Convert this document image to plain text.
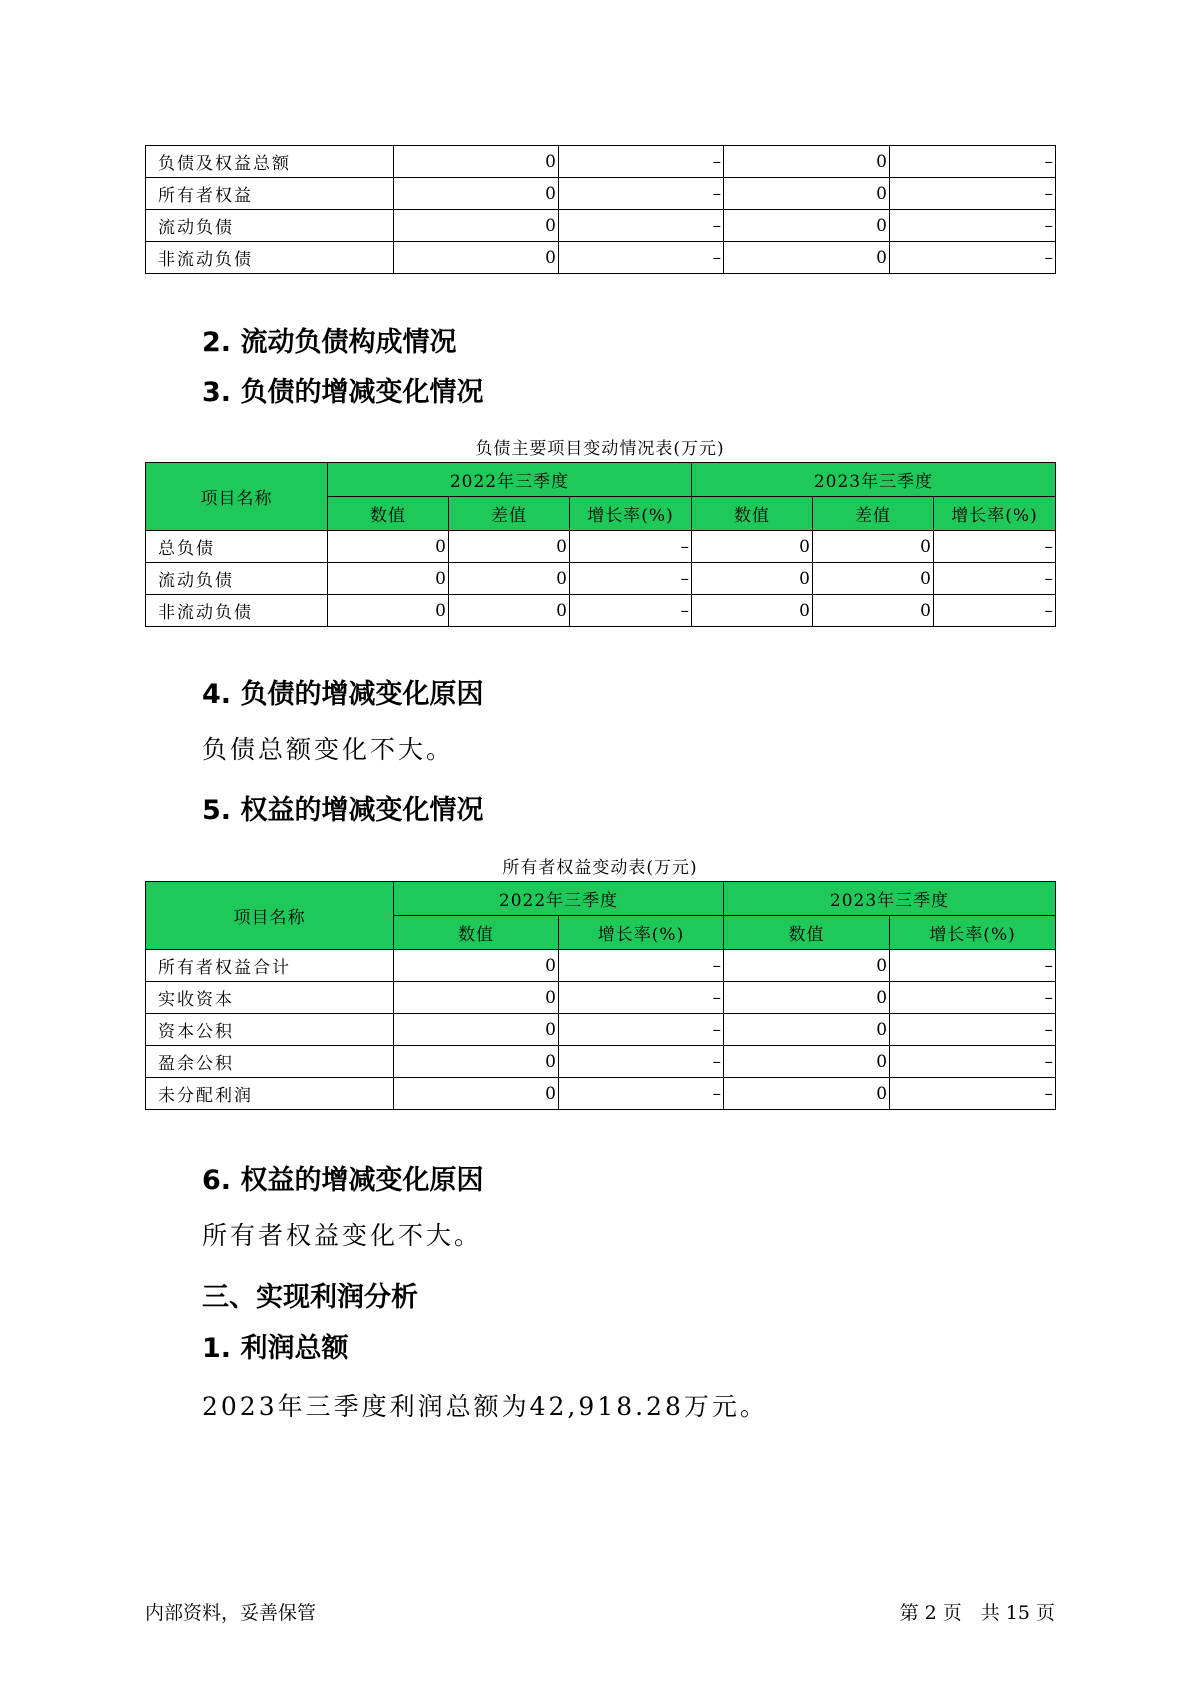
负债及权益总额	0	–	0	–
所有者权益	0	–	0	–
流动负债	0	–	0	–
非流动负债	0	–	0	–
2. 流动负债构成情况
3. 负债的增减变化情况
负债主要项目变动情况表(万元)
项目名称	2022年三季度			2023年三季度		
	数值	差值	增长率(%)	数值	差值	增长率(%)
总负债	0	0	–	0	0	–
流动负债	0	0	–	0	0	–
非流动负债	0	0	–	0	0	–
4. 负债的增减变化原因
负债总额变化不大。
5. 权益的增减变化情况
所有者权益变动表(万元)
项目名称	2022年三季度		2023年三季度	
	数值	增长率(%)	数值	增长率(%)
所有者权益合计	0	–	0	–
实收资本	0	–	0	–
资本公积	0	–	0	–
盈余公积	0	–	0	–
未分配利润	0	–	0	–
6. 权益的增减变化原因
所有者权益变化不大。
三、实现利润分析
1. 利润总额
2023年三季度利润总额为42,918.28万元。
内部资料，妥善保管	第 2 页　共 15 页
